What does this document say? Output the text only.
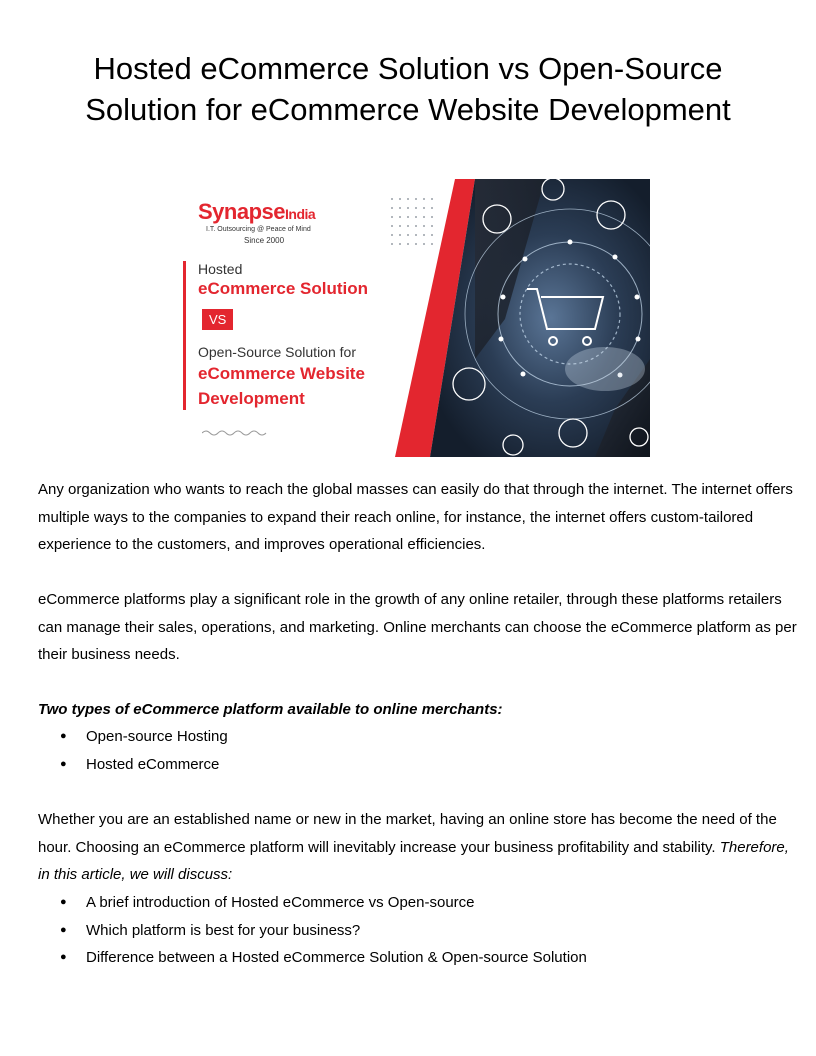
Hosted eCommerce Solution vs Open-Source
Solution for eCommerce Website Development
SynapseIndia
I.T. Outsourcing @ Peace of Mind
Since 2000
Hosted
eCommerce Solution
VS
Open-Source Solution for
eCommerce Website
Development

Any organization who wants to reach the global masses can easily do that through the internet. The internet offers multiple ways to the companies to expand their reach online, for instance, the internet offers custom-tailored experience to the customers, and improves operational efficiencies.

eCommerce platforms play a significant role in the growth of any online retailer, through these platforms retailers can manage their sales, operations, and marketing. Online merchants can choose the eCommerce platform as per their business needs.

Two types of eCommerce platform available to online merchants:

● Open-source Hosting
● Hosted eCommerce

Whether you are an established name or new in the market, having an online store has become the need of the hour. Choosing an eCommerce platform will inevitably increase your business profitability and stability. Therefore, in this article, we will discuss:

● A brief introduction of Hosted eCommerce vs Open-source
● Which platform is best for your business?
● Difference between a Hosted eCommerce Solution & Open-source Solution
